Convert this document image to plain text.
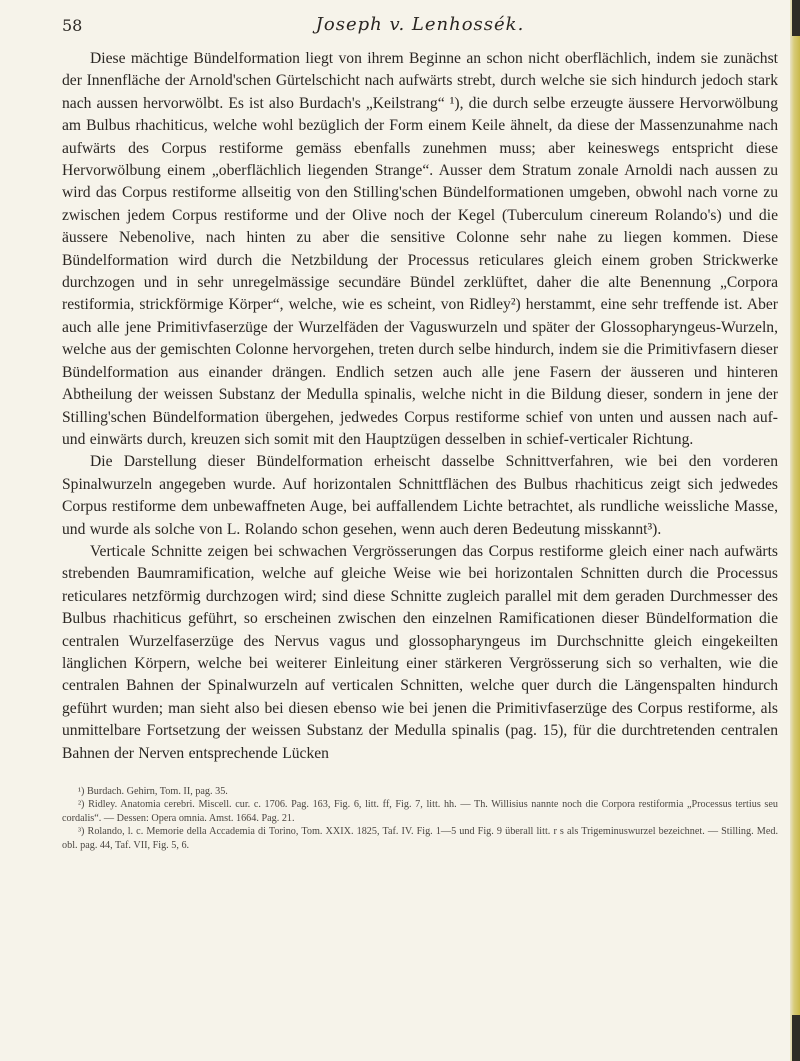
58	Joseph v. Lenhossék.

Diese mächtige Bündelformation liegt von ihrem Beginne an schon nicht oberflächlich, indem sie zunächst der Innenfläche der Arnold'schen Gürtelschicht nach aufwärts strebt, durch welche sie sich hindurch jedoch stark nach aussen hervorwölbt. Es ist also Burdach's „Keilstrang“ ¹), die durch selbe erzeugte äussere Hervorwölbung am Bulbus rhachiticus, welche wohl bezüglich der Form einem Keile ähnelt, da diese der Massenzunahme nach aufwärts des Corpus restiforme gemäss ebenfalls zunehmen muss; aber keineswegs entspricht diese Hervorwölbung einem „oberflächlich liegenden Strange“. Ausser dem Stratum zonale Arnoldi nach aussen zu wird das Corpus restiforme allseitig von den Stilling'schen Bündelformationen umgeben, obwohl nach vorne zu zwischen jedem Corpus restiforme und der Olive noch der Kegel (Tuberculum cinereum Rolando's) und die äussere Nebenolive, nach hinten zu aber die sensitive Colonne sehr nahe zu liegen kommen. Diese Bündelformation wird durch die Netzbildung der Processus reticulares gleich einem groben Strickwerke durchzogen und in sehr unregelmässige secundäre Bündel zerklüftet, daher die alte Benennung „Corpora restiformia, strickförmige Körper“, welche, wie es scheint, von Ridley²) herstammt, eine sehr treffende ist. Aber auch alle jene Primitivfaserzüge der Wurzelfäden der Vaguswurzeln und später der Glossopharyngeus-Wurzeln, welche aus der gemischten Colonne hervorgehen, treten durch selbe hindurch, indem sie die Primitivfasern dieser Bündelformation aus einander drängen. Endlich setzen auch alle jene Fasern der äusseren und hinteren Abtheilung der weissen Substanz der Medulla spinalis, welche nicht in die Bildung dieser, sondern in jene der Stilling'schen Bündelformation übergehen, jedwedes Corpus restiforme schief von unten und aussen nach auf- und einwärts durch, kreuzen sich somit mit den Hauptzügen desselben in schief-verticaler Richtung.

Die Darstellung dieser Bündelformation erheischt dasselbe Schnittverfahren, wie bei den vorderen Spinalwurzeln angegeben wurde. Auf horizontalen Schnittflächen des Bulbus rhachiticus zeigt sich jedwedes Corpus restiforme dem unbewaffneten Auge, bei auffallendem Lichte betrachtet, als rundliche weissliche Masse, und wurde als solche von L. Rolando schon gesehen, wenn auch deren Bedeutung misskannt³).

Verticale Schnitte zeigen bei schwachen Vergrösserungen das Corpus restiforme gleich einer nach aufwärts strebenden Baumramification, welche auf gleiche Weise wie bei horizontalen Schnitten durch die Processus reticulares netzförmig durchzogen wird; sind diese Schnitte zugleich parallel mit dem geraden Durchmesser des Bulbus rhachiticus geführt, so erscheinen zwischen den einzelnen Ramificationen dieser Bündelformation die centralen Wurzelfaserzüge des Nervus vagus und glossopharyngeus im Durchschnitte gleich eingekeilten länglichen Körpern, welche bei weiterer Einleitung einer stärkeren Vergrösserung sich so verhalten, wie die centralen Bahnen der Spinalwurzeln auf verticalen Schnitten, welche quer durch die Längenspalten hindurch geführt wurden; man sieht also bei diesen ebenso wie bei jenen die Primitivfaserzüge des Corpus restiforme, als unmittelbare Fortsetzung der weissen Substanz der Medulla spinalis (pag. 15), für die durchtretenden centralen Bahnen der Nerven entsprechende Lücken

¹) Burdach. Gehirn, Tom. II, pag. 35.
²) Ridley. Anatomia cerebri. Miscell. cur. c. 1706. Pag. 163, Fig. 6, litt. ff, Fig. 7, litt. hh. — Th. Willisius nannte noch die Corpora restiformia „Processus tertius seu cordalis“. — Dessen: Opera omnia. Amst. 1664. Pag. 21.
³) Rolando, l. c. Memorie della Accademia di Torino, Tom. XXIX. 1825, Taf. IV. Fig. 1—5 und Fig. 9 überall litt. r s als Trigeminuswurzel bezeichnet. — Stilling. Med. obl. pag. 44, Taf. VII, Fig. 5, 6.
